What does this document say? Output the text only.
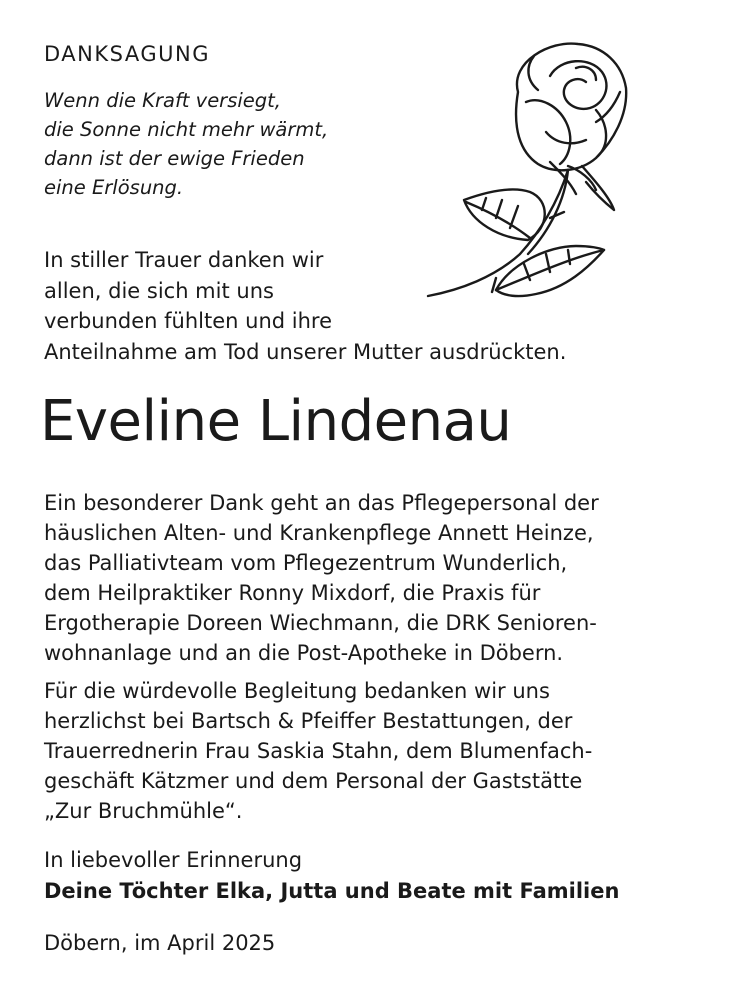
DANKSAGUNG
Wenn die Kraft versiegt,
die Sonne nicht mehr wärmt,
dann ist der ewige Frieden
eine Erlösung.
In stiller Trauer danken wir
allen, die sich mit uns
verbunden fühlten und ihre
Anteilnahme am Tod unserer Mutter ausdrückten.
Eveline Lindenau
Ein besonderer Dank geht an das Pflegepersonal der
häuslichen Alten- und Krankenpflege Annett Heinze,
das Palliativteam vom Pflegezentrum Wunderlich,
dem Heilpraktiker Ronny Mixdorf, die Praxis für
Ergotherapie Doreen Wiechmann, die DRK Senioren-
wohnanlage und an die Post-Apotheke in Döbern.
Für die würdevolle Begleitung bedanken wir uns
herzlichst bei Bartsch & Pfeiffer Bestattungen, der
Trauerrednerin Frau Saskia Stahn, dem Blumenfach-
geschäft Kätzmer und dem Personal der Gaststätte
„Zur Bruchmühle“.
In liebevoller Erinnerung
Deine Töchter Elka, Jutta und Beate mit Familien
Döbern, im April 2025
